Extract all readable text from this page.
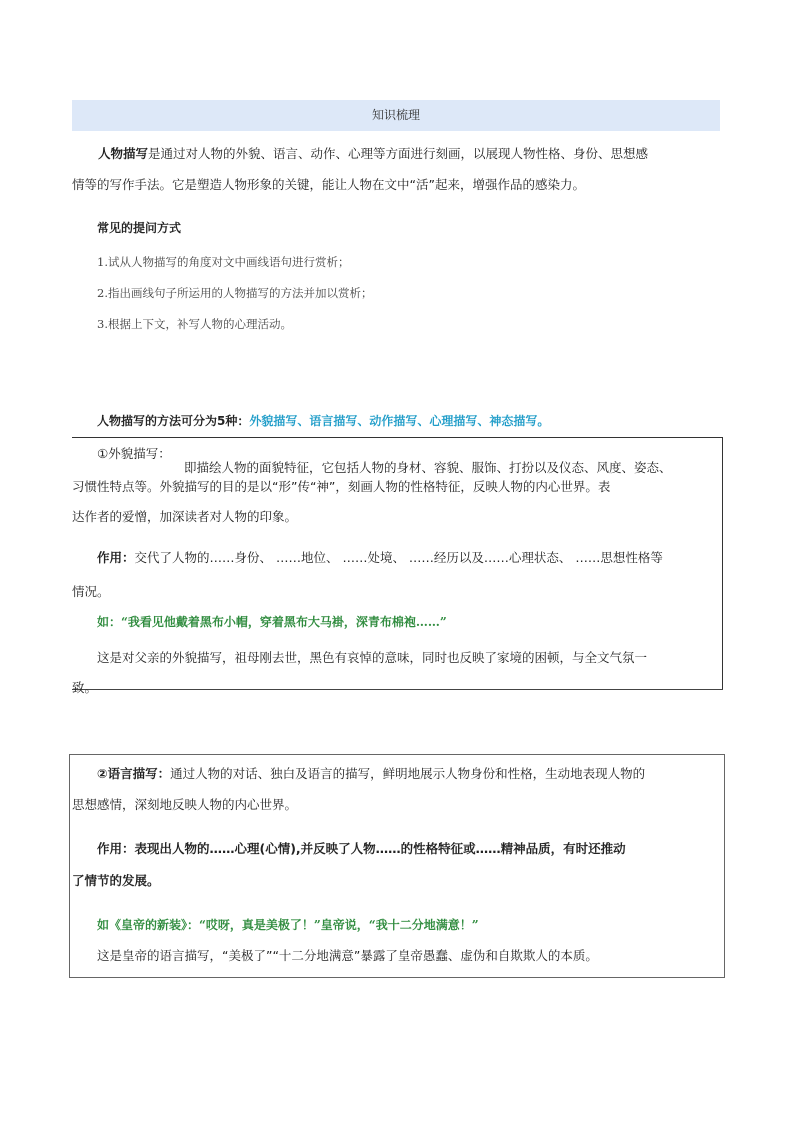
知识梳理
人物描写是通过对人物的外貌、语言、动作、心理等方面进行刻画，以展现人物性格、身份、思想感
情等的写作手法。它是塑造人物形象的关键，能让人物在文中“活”起来，增强作品的感染力。
常见的提问方式
1.试从人物描写的角度对文中画线语句进行赏析；
2.指出画线句子所运用的人物描写的方法并加以赏析；
3.根据上下文，补写人物的心理活动。
人物描写的方法可分为5种：外貌描写、语言描写、动作描写、心理描写、神态描写。
①外貌描写：
即描绘人物的面貌特征，它包括人物的身材、容貌、服饰、打扮以及仪态、风度、姿态、
习惯性特点等。外貌描写的目的是以“形”传“神”，刻画人物的性格特征，反映人物的内心世界。表
达作者的爱憎，加深读者对人物的印象。
作用：交代了人物的……身份、 ……地位、 ……处境、 ……经历以及……心理状态、 ……思想性格等
情况。
如：“我看见他戴着黑布小帽，穿着黑布大马褂，深青布棉袍……”
这是对父亲的外貌描写，祖母刚去世，黑色有哀悼的意味，同时也反映了家境的困顿，与全文气氛一
致。
②语言描写：通过人物的对话、独白及语言的描写，鲜明地展示人物身份和性格，生动地表现人物的
思想感情，深刻地反映人物的内心世界。
作用：表现出人物的……心理(心情),并反映了人物……的性格特征或……精神品质，有时还推动
了情节的发展。
如《皇帝的新装》：“哎呀，真是美极了！”皇帝说，“我十二分地满意！”
这是皇帝的语言描写，“美极了”“十二分地满意”暴露了皇帝愚蠢、虚伪和自欺欺人的本质。
